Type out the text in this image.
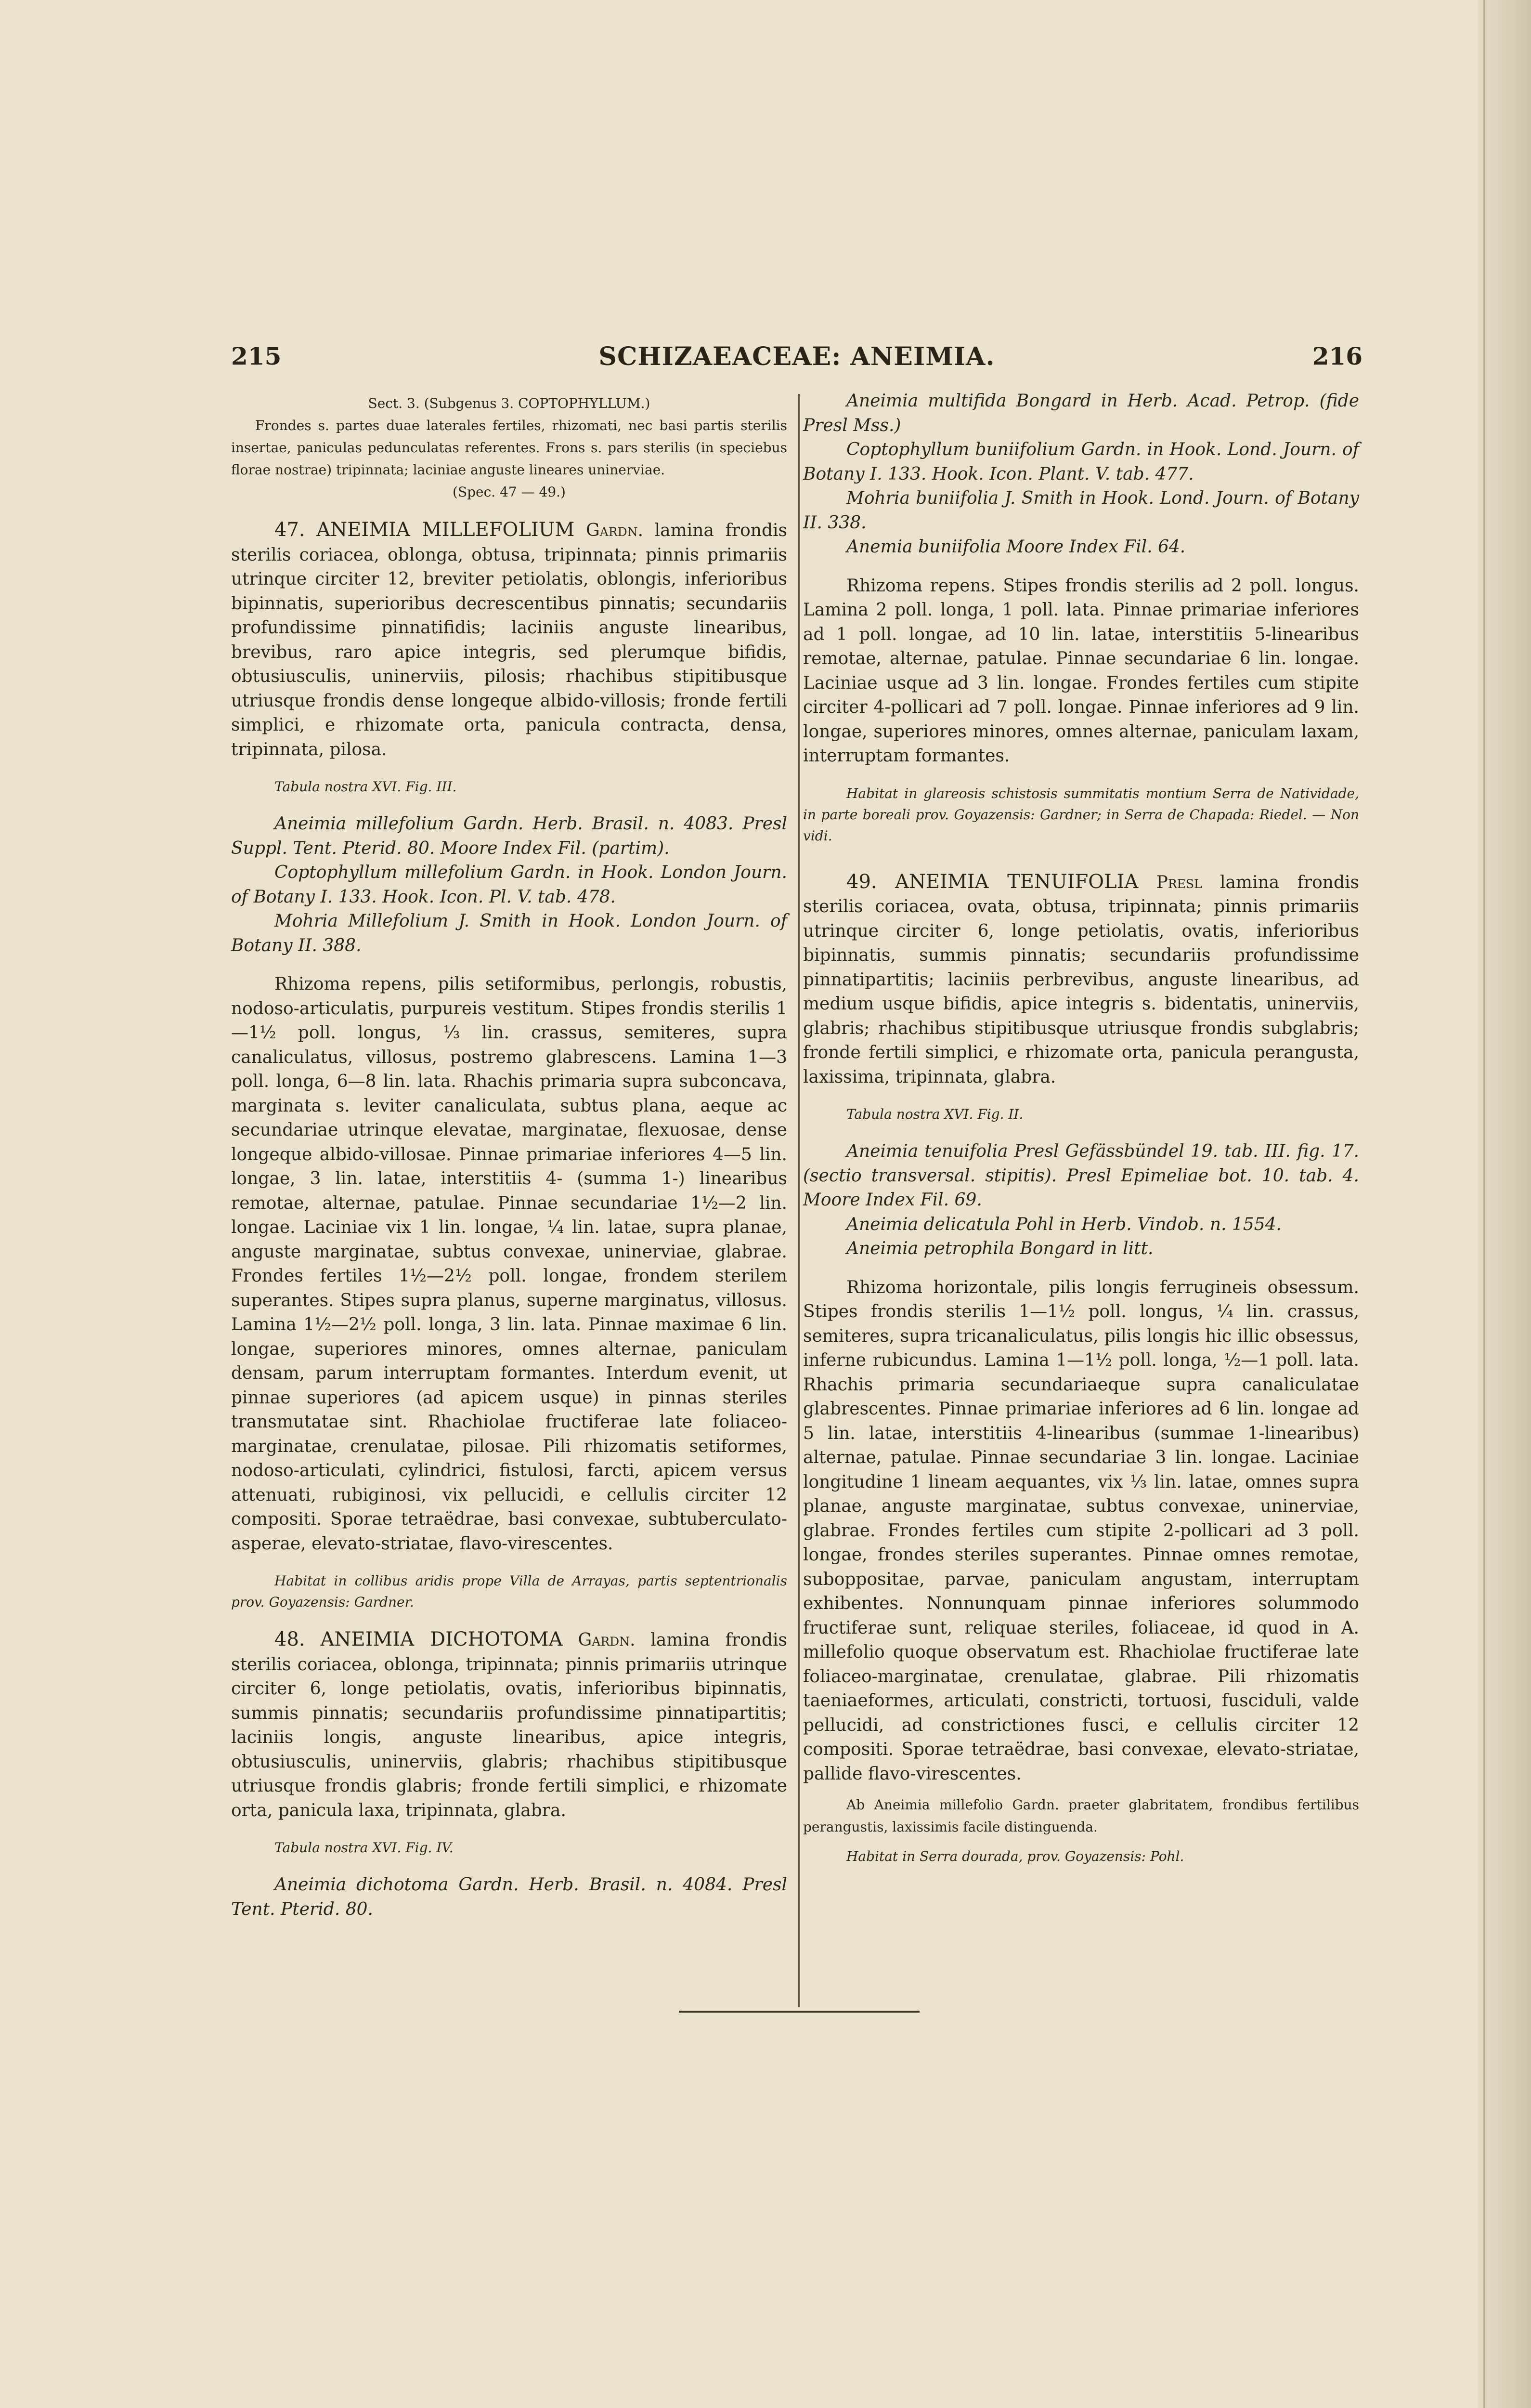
215	SCHIZAEACEAE: ANEIMIA.	216

Sect. 3. (Subgenus 3. COPTOPHYLLUM.)

Frondes s. partes duae laterales fertiles, rhizomati, nec basi partis sterilis insertae, paniculas pedunculatas referentes. Frons s. pars sterilis (in speciebus florae nostrae) tripinnata; laciniae anguste lineares uninerviae.

(Spec. 47 — 49.)

47. ANEIMIA MILLEFOLIUM Gardn. lamina frondis sterilis coriacea, oblonga, obtusa, tripinnata; pinnis primariis utrinque circiter 12, breviter petiolatis, oblongis, inferioribus bipinnatis, superioribus decrescentibus pinnatis; secundariis profundissime pinnatifidis; laciniis anguste linearibus, brevibus, raro apice integris, sed plerumque bifidis, obtusiusculis, uninerviis, pilosis; rhachibus stipitibusque utriusque frondis dense longeque albido-villosis; fronde fertili simplici, e rhizomate orta, panicula contracta, densa, tripinnata, pilosa.

Tabula nostra XVI. Fig. III.

Aneimia millefolium Gardn. Herb. Brasil. n. 4083. Presl Suppl. Tent. Pterid. 80. Moore Index Fil. (partim).

Coptophyllum millefolium Gardn. in Hook. London Journ. of Botany I. 133. Hook. Icon. Pl. V. tab. 478.

Mohria Millefolium J. Smith in Hook. London Journ. of Botany II. 388.

Rhizoma repens, pilis setiformibus, perlongis, robustis, nodoso-articulatis, purpureis vestitum. Stipes frondis sterilis 1—1½ poll. longus, ⅓ lin. crassus, semiteres, supra canaliculatus, villosus, postremo glabrescens. Lamina 1—3 poll. longa, 6—8 lin. lata. Rhachis primaria supra subconcava, marginata s. leviter canaliculata, subtus plana, aeque ac secundariae utrinque elevatae, marginatae, flexuosae, dense longeque albido-villosae. Pinnae primariae inferiores 4—5 lin. longae, 3 lin. latae, interstitiis 4- (summa 1-) linearibus remotae, alternae, patulae. Pinnae secundariae 1½—2 lin. longae. Laciniae vix 1 lin. longae, ¼ lin. latae, supra planae, anguste marginatae, subtus convexae, uninerviae, glabrae. Frondes fertiles 1½—2½ poll. longae, frondem sterilem superantes. Stipes supra planus, superne marginatus, villosus. Lamina 1½—2½ poll. longa, 3 lin. lata. Pinnae maximae 6 lin. longae, superiores minores, omnes alternae, paniculam densam, parum interruptam formantes. Interdum evenit, ut pinnae superiores (ad apicem usque) in pinnas steriles transmutatae sint. Rhachiolae fructiferae late foliaceo-marginatae, crenulatae, pilosae. Pili rhizomatis setiformes, nodoso-articulati, cylindrici, fistulosi, farcti, apicem versus attenuati, rubiginosi, vix pellucidi, e cellulis circiter 12 compositi. Sporae tetraëdrae, basi convexae, subtuberculato-asperae, elevato-striatae, flavo-virescentes.

Habitat in collibus aridis prope Villa de Arrayas, partis septentrionalis prov. Goyazensis: Gardner.

48. ANEIMIA DICHOTOMA Gardn. lamina frondis sterilis coriacea, oblonga, tripinnata; pinnis primariis utrinque circiter 6, longe petiolatis, ovatis, inferioribus bipinnatis, summis pinnatis; secundariis profundissime pinnatipartitis; laciniis longis, anguste linearibus, apice integris, obtusiusculis, uninerviis, glabris; rhachibus stipitibusque utriusque frondis glabris; fronde fertili simplici, e rhizomate orta, panicula laxa, tripinnata, glabra.

Tabula nostra XVI. Fig. IV.

Aneimia dichotoma Gardn. Herb. Brasil. n. 4084. Presl Tent. Pterid. 80.

Aneimia multifida Bongard in Herb. Acad. Petrop. (fide Presl Mss.)

Coptophyllum buniifolium Gardn. in Hook. Lond. Journ. of Botany I. 133. Hook. Icon. Plant. V. tab. 477.

Mohria buniifolia J. Smith in Hook. Lond. Journ. of Botany II. 338.

Anemia buniifolia Moore Index Fil. 64.

Rhizoma repens. Stipes frondis sterilis ad 2 poll. longus. Lamina 2 poll. longa, 1 poll. lata. Pinnae primariae inferiores ad 1 poll. longae, ad 10 lin. latae, interstitiis 5-linearibus remotae, alternae, patulae. Pinnae secundariae 6 lin. longae. Laciniae usque ad 3 lin. longae. Frondes fertiles cum stipite circiter 4-pollicari ad 7 poll. longae. Pinnae inferiores ad 9 lin. longae, superiores minores, omnes alternae, paniculam laxam, interruptam formantes.

Habitat in glareosis schistosis summitatis montium Serra de Natividade, in parte boreali prov. Goyazensis: Gardner; in Serra de Chapada: Riedel. — Non vidi.

49. ANEIMIA TENUIFOLIA Presl lamina frondis sterilis coriacea, ovata, obtusa, tripinnata; pinnis primariis utrinque circiter 6, longe petiolatis, ovatis, inferioribus bipinnatis, summis pinnatis; secundariis profundissime pinnatipartitis; laciniis perbrevibus, anguste linearibus, ad medium usque bifidis, apice integris s. bidentatis, uninerviis, glabris; rhachibus stipitibusque utriusque frondis subglabris; fronde fertili simplici, e rhizomate orta, panicula perangusta, laxissima, tripinnata, glabra.

Tabula nostra XVI. Fig. II.

Aneimia tenuifolia Presl Gefässbündel 19. tab. III. fig. 17. (sectio transversal. stipitis). Presl Epimeliae bot. 10. tab. 4. Moore Index Fil. 69.

Aneimia delicatula Pohl in Herb. Vindob. n. 1554.

Aneimia petrophila Bongard in litt.

Rhizoma horizontale, pilis longis ferrugineis obsessum. Stipes frondis sterilis 1—1½ poll. longus, ¼ lin. crassus, semiteres, supra tricanaliculatus, pilis longis hic illic obsessus, inferne rubicundus. Lamina 1—1½ poll. longa, ½—1 poll. lata. Rhachis primaria secundariaeque supra canaliculatae glabrescentes. Pinnae primariae inferiores ad 6 lin. longae ad 5 lin. latae, interstitiis 4-linearibus (summae 1-linearibus) alternae, patulae. Pinnae secundariae 3 lin. longae. Laciniae longitudine 1 lineam aequantes, vix ⅓ lin. latae, omnes supra planae, anguste marginatae, subtus convexae, uninerviae, glabrae. Frondes fertiles cum stipite 2-pollicari ad 3 poll. longae, frondes steriles superantes. Pinnae omnes remotae, suboppositae, parvae, paniculam angustam, interruptam exhibentes. Nonnunquam pinnae inferiores solummodo fructiferae sunt, reliquae steriles, foliaceae, id quod in A. millefolio quoque observatum est. Rhachiolae fructiferae late foliaceo-marginatae, crenulatae, glabrae. Pili rhizomatis taeniaeformes, articulati, constricti, tortuosi, fusciduli, valde pellucidi, ad constrictiones fusci, e cellulis circiter 12 compositi. Sporae tetraëdrae, basi convexae, elevato-striatae, pallide flavo-virescentes.

Ab Aneimia millefolio Gardn. praeter glabritatem, frondibus fertilibus perangustis, laxissimis facile distinguenda.

Habitat in Serra dourada, prov. Goyazensis: Pohl.
